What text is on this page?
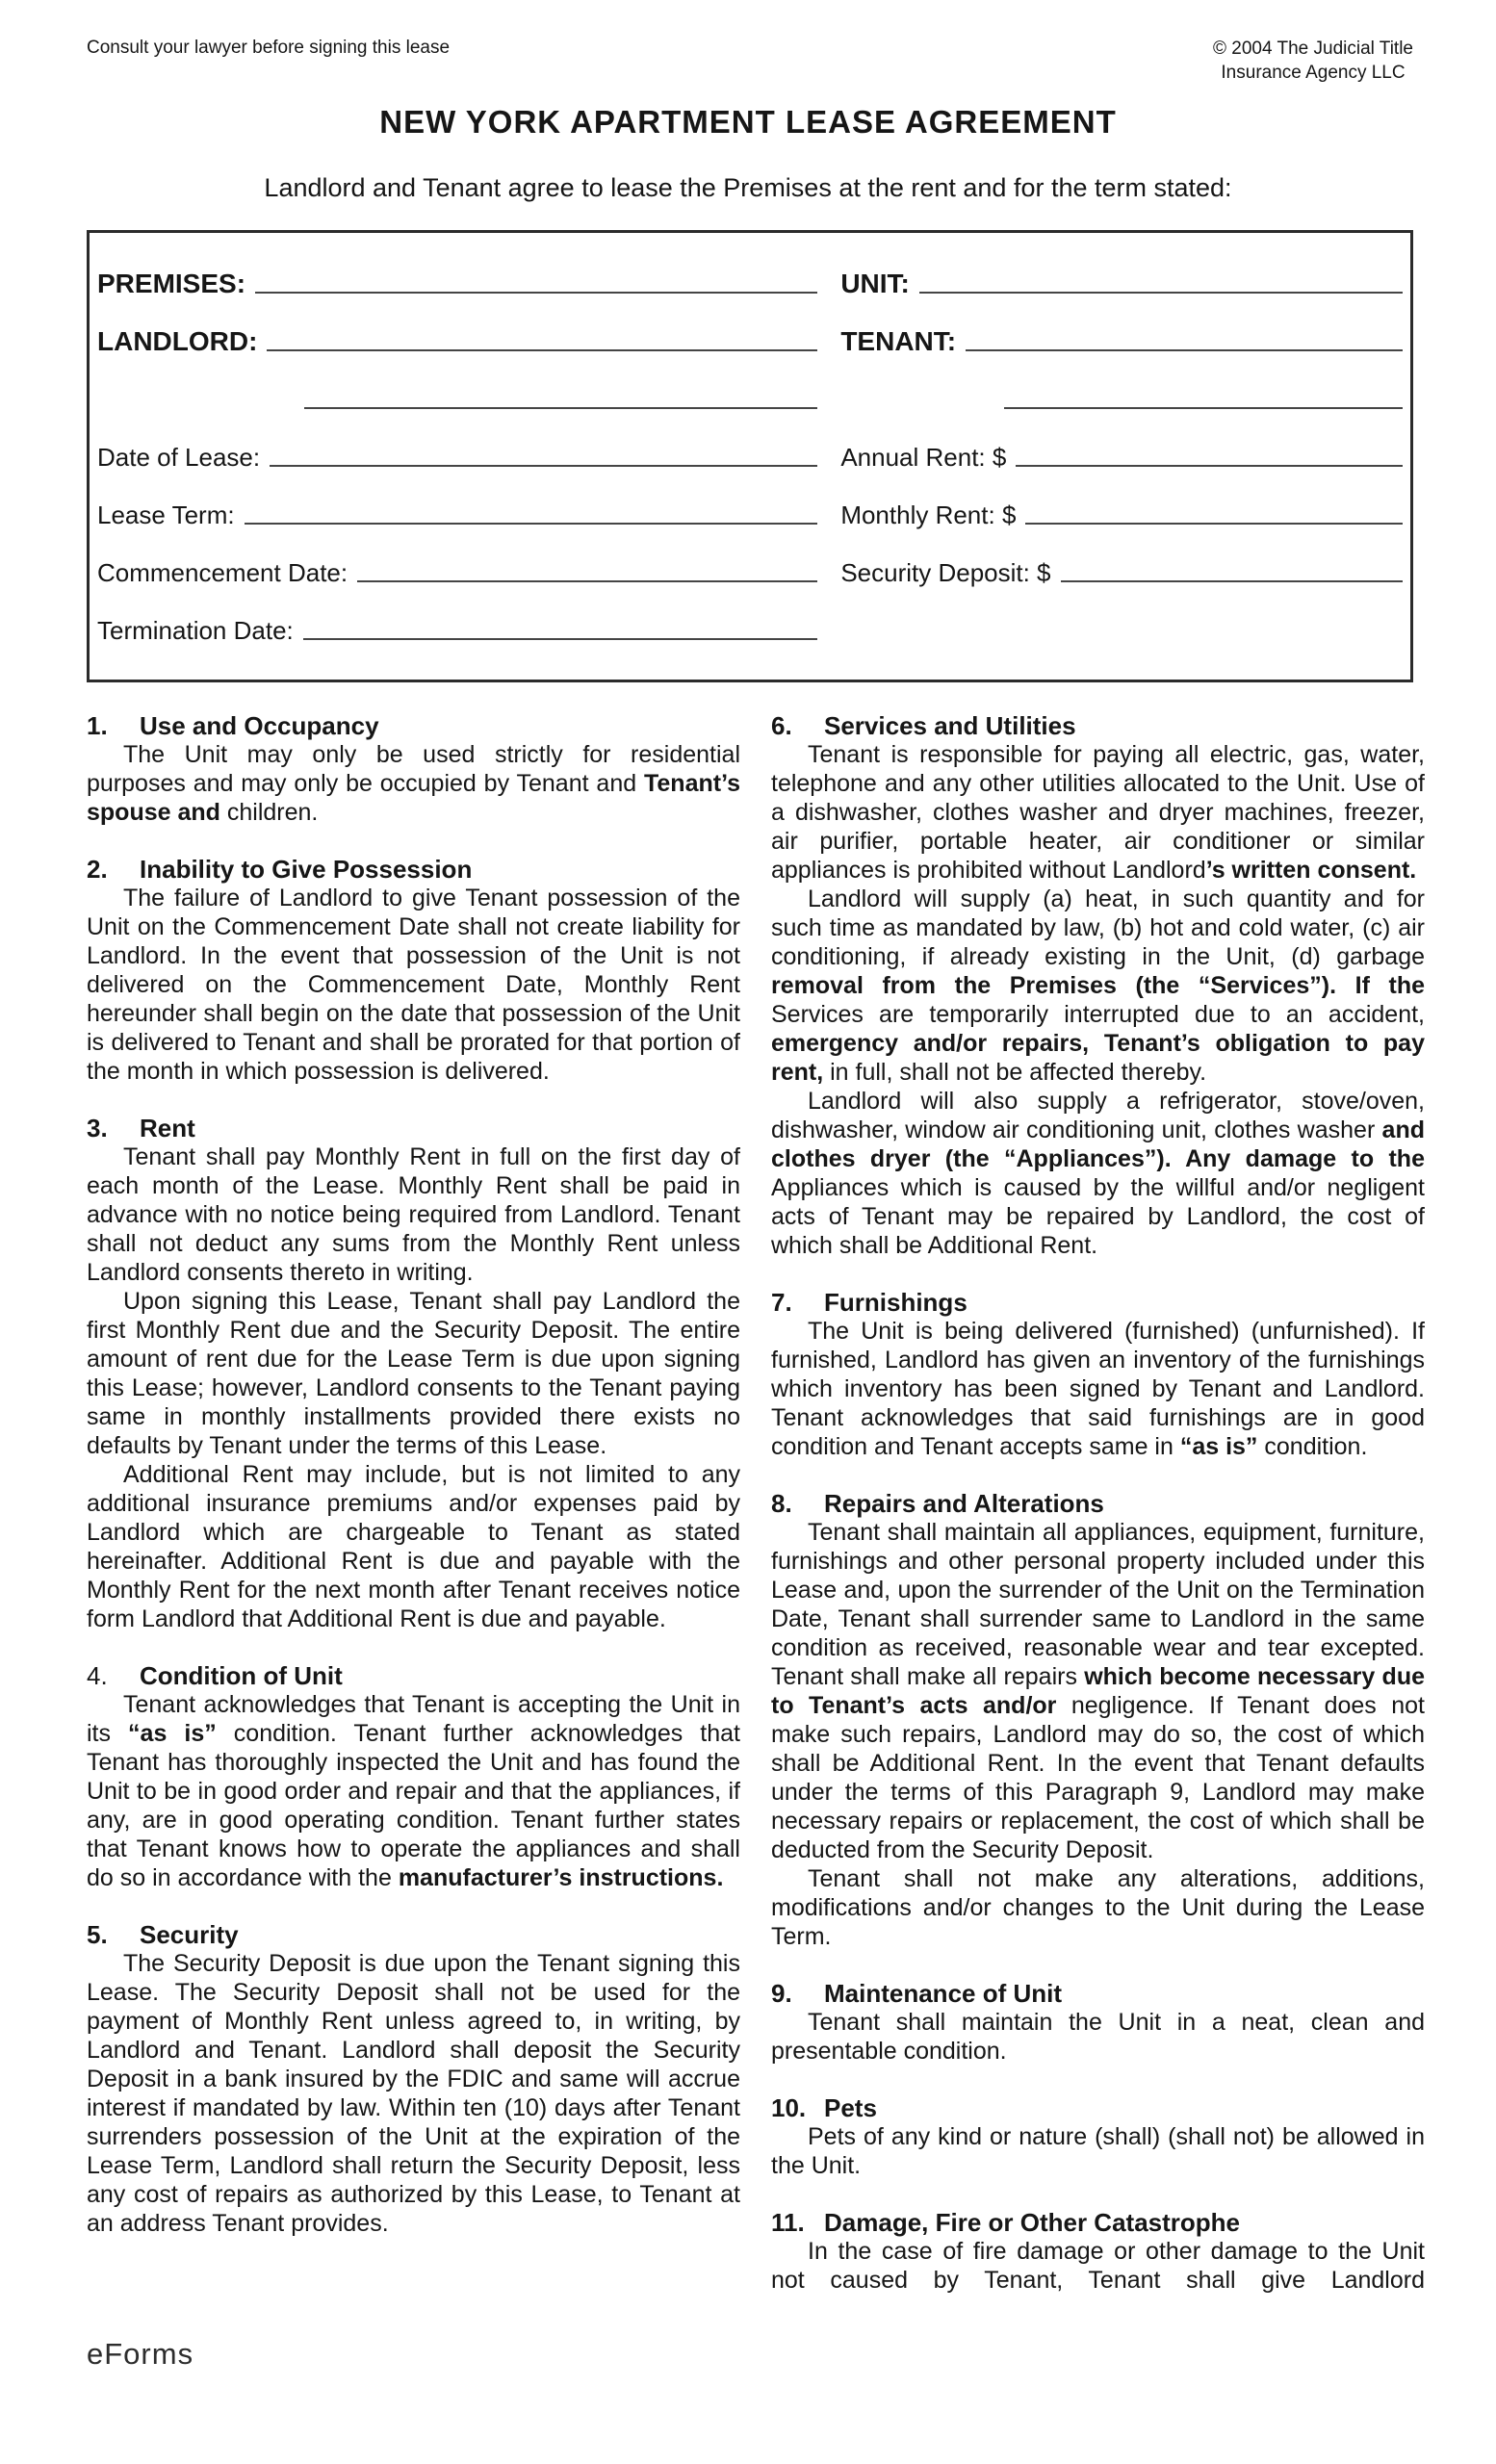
Consult your lawyer before signing this lease	© 2004 The Judicial Title
Insurance Agency LLC
NEW YORK APARTMENT LEASE AGREEMENT
Landlord and Tenant agree to lease the Premises at the rent and for the term stated:
PREMISES:	UNIT:
LANDLORD:	TENANT:
Date of Lease:	Annual Rent: $
Lease Term:	Monthly Rent: $
Commencement Date:	Security Deposit: $
Termination Date:
1. Use and Occupancy

The Unit may only be used strictly for residential purposes and may only be occupied by Tenant and Tenant’s spouse and children.

2. Inability to Give Possession

The failure of Landlord to give Tenant possession of the Unit on the Commencement Date shall not create liability for Landlord. In the event that possession of the Unit is not delivered on the Commencement Date, Monthly Rent hereunder shall begin on the date that possession of the Unit is delivered to Tenant and shall be prorated for that portion of the month in which possession is delivered.

3. Rent

Tenant shall pay Monthly Rent in full on the first day of each month of the Lease. Monthly Rent shall be paid in advance with no notice being required from Landlord. Tenant shall not deduct any sums from the Monthly Rent unless Landlord consents thereto in writing.

Upon signing this Lease, Tenant shall pay Landlord the first Monthly Rent due and the Security Deposit. The entire amount of rent due for the Lease Term is due upon signing this Lease; however, Landlord consents to the Tenant paying same in monthly installments provided there exists no defaults by Tenant under the terms of this Lease.

Additional Rent may include, but is not limited to any additional insurance premiums and/or expenses paid by Landlord which are chargeable to Tenant as stated hereinafter. Additional Rent is due and payable with the Monthly Rent for the next month after Tenant receives notice form Landlord that Additional Rent is due and payable.

4. Condition of Unit

Tenant acknowledges that Tenant is accepting the Unit in its “as is” condition. Tenant further acknowledges that Tenant has thoroughly inspected the Unit and has found the Unit to be in good order and repair and that the appliances, if any, are in good operating condition. Tenant further states that Tenant knows how to operate the appliances and shall do so in accordance with the manufacturer’s instructions.

5. Security

The Security Deposit is due upon the Tenant signing this Lease. The Security Deposit shall not be used for the payment of Monthly Rent unless agreed to, in writing, by Landlord and Tenant. Landlord shall deposit the Security Deposit in a bank insured by the FDIC and same will accrue interest if mandated by law. Within ten (10) days after Tenant surrenders possession of the Unit at the expiration of the Lease Term, Landlord shall return the Security Deposit, less any cost of repairs as authorized by this Lease, to Tenant at an address Tenant provides.

6. Services and Utilities

Tenant is responsible for paying all electric, gas, water, telephone and any other utilities allocated to the Unit. Use of a dishwasher, clothes washer and dryer machines, freezer, air purifier, portable heater, air conditioner or similar appliances is prohibited without Landlord’s written consent.

Landlord will supply (a) heat, in such quantity and for such time as mandated by law, (b) hot and cold water, (c) air conditioning, if already existing in the Unit, (d) garbage removal from the Premises (the “Services”). If the Services are temporarily interrupted due to an accident, emergency and/or repairs, Tenant’s obligation to pay rent, in full, shall not be affected thereby.

Landlord will also supply a refrigerator, stove/oven, dishwasher, window air conditioning unit, clothes washer and clothes dryer (the “Appliances”). Any damage to the Appliances which is caused by the willful and/or negligent acts of Tenant may be repaired by Landlord, the cost of which shall be Additional Rent.

7. Furnishings

The Unit is being delivered (furnished) (unfurnished). If furnished, Landlord has given an inventory of the furnishings which inventory has been signed by Tenant and Landlord. Tenant acknowledges that said furnishings are in good condition and Tenant accepts same in “as is” condition.

8. Repairs and Alterations

Tenant shall maintain all appliances, equipment, furniture, furnishings and other personal property included under this Lease and, upon the surrender of the Unit on the Termination Date, Tenant shall surrender same to Landlord in the same condition as received, reasonable wear and tear excepted. Tenant shall make all repairs which become necessary due to Tenant’s acts and/or negligence. If Tenant does not make such repairs, Landlord may do so, the cost of which shall be Additional Rent. In the event that Tenant defaults under the terms of this Paragraph 9, Landlord may make necessary repairs or replacement, the cost of which shall be deducted from the Security Deposit.

Tenant shall not make any alterations, additions, modifications and/or changes to the Unit during the Lease Term.

9. Maintenance of Unit

Tenant shall maintain the Unit in a neat, clean and presentable condition.

10. Pets

Pets of any kind or nature (shall) (shall not) be allowed in the Unit.

11. Damage, Fire or Other Catastrophe

In the case of fire damage or other damage to the Unit not caused by Tenant, Tenant shall give Landlord

eForms
